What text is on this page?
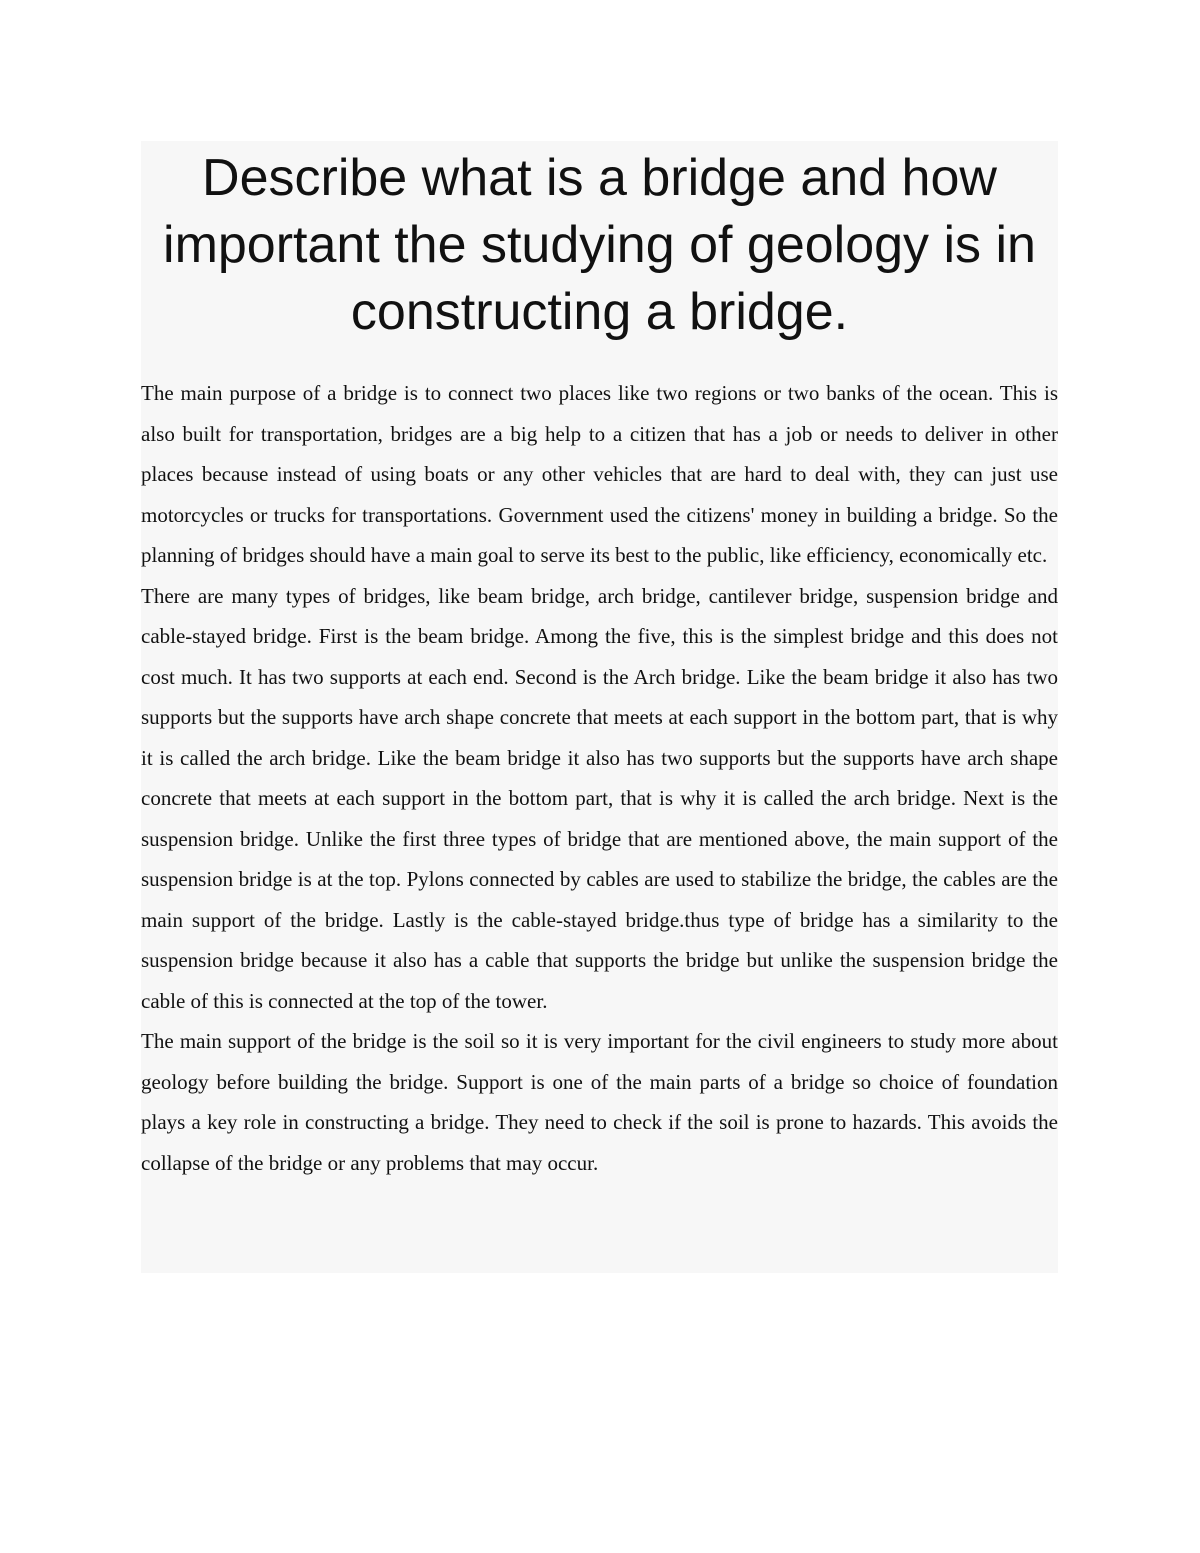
Describe what is a bridge and how important the studying of geology is in constructing a bridge.

The main purpose of a bridge is to connect two places like two regions or two banks of the ocean. This is also built for transportation, bridges are a big help to a citizen that has a job or needs to deliver in other places because instead of using boats or any other vehicles that are hard to deal with, they can just use motorcycles or trucks for transportations. Government used the citizens' money in building a bridge. So the planning of bridges should have a main goal to serve its best to the public, like efficiency, economically etc.

There are many types of bridges, like beam bridge, arch bridge, cantilever bridge, suspension bridge and cable-stayed bridge. First is the beam bridge. Among the five, this is the simplest bridge and this does not cost much. It has two supports at each end. Second is the Arch bridge. Like the beam bridge it also has two supports but the supports have arch shape concrete that meets at each support in the bottom part, that is why it is called the arch bridge. Like the beam bridge it also has two supports but the supports have arch shape concrete that meets at each support in the bottom part, that is why it is called the arch bridge. Next is the suspension bridge. Unlike the first three types of bridge that are mentioned above, the main support of the suspension bridge is at the top. Pylons connected by cables are used to stabilize the bridge, the cables are the main support of the bridge. Lastly is the cable-stayed bridge.thus type of bridge has a similarity to the suspension bridge because it also has a cable that supports the bridge but unlike the suspension bridge the cable of this is connected at the top of the tower.

The main support of the bridge is the soil so it is very important for the civil engineers to study more about geology before building the bridge. Support is one of the main parts of a bridge so choice of foundation plays a key role in constructing a bridge. They need to check if the soil is prone to hazards. This avoids the collapse of the bridge or any problems that may occur.
